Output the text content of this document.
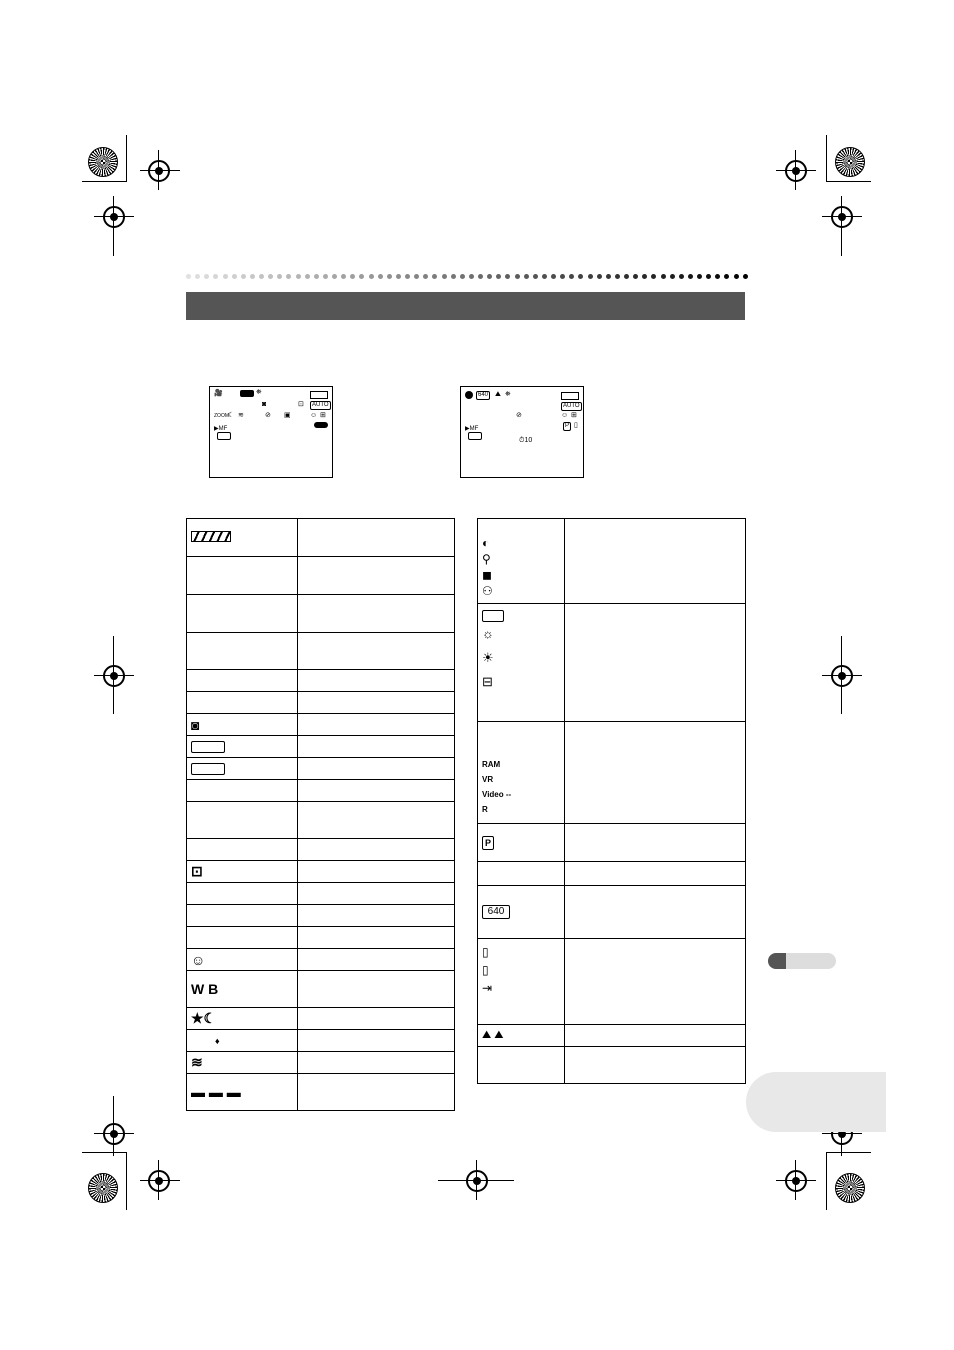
🎥	⛯
◙	⊡	AUTO
ZOOM ☾ ≋	⊘ ▣	☺ ⊞
▶MF
640 ⛰ ⛯
AUTO
⊘	☺ ⊞
P ▯
▶MF
⏱10

◙	

⊡	

☺	
W B	
★☾	
♦	
≋	
▬ ▬ ▬	
◐ ⚲ ◼ ⚇	

☼ ☀ ⊟	

RAM VR Video -- R	

P	

640	

▯ ▯ ⇥	

⛰ ⛰	
